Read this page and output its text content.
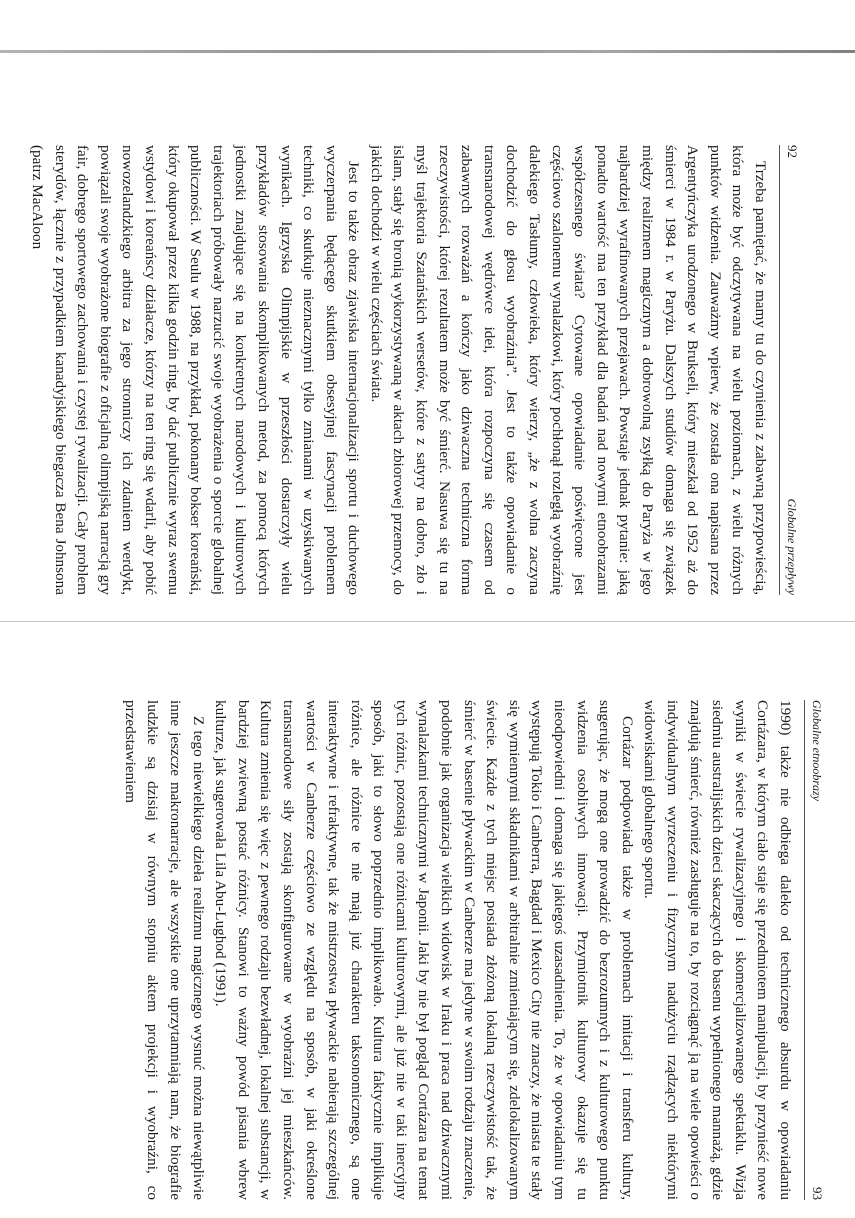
92
Globalne przepływy

Trzeba pamiętać, że mamy tu do czynienia z zabawną przypowieścią, która może być odczytywana na wielu poziomach, z wielu różnych punktów widzenia. Zauważmy wpierw, że została ona napisana przez Argentyńczyka urodzonego w Brukseli, który mieszkał od 1952 aż do śmierci w 1984 r. w Paryżu. Dalszych studiów domaga się związek między realizmem magicznym a dobrowolną zsyłką do Paryża w jego najbardziej wyrafinowanych przejawach. Powstaje jednak pytanie: jaką ponadto wartość ma ten przykład dla badań nad nowymi etnoobrazami współczesnego świata? Cytowane opowiadanie poświęcone jest częściowo szalonemu wynalazkowi, który pochłonął rozległą wyobraźnię dalekiego Tasłumy, człowieka, który wierzy, „że z wolna zaczyna dochodzić do głosu wyobraźnia”. Jest to także opowiadanie o transnarodowej wędrówce idei, która rozpoczyna się czasem od zabawnych rozważań a kończy jako dziwaczna techniczna forma rzeczywistości, której rezultatem może być śmierć. Nasuwa się tu na myśl trajektoria Szatańskich wersetów, które z satyry na dobro, zło i islam, stały się bronią wykorzystywaną w aktach zbiorowej przemocy, do jakich dochodzi w wielu częściach świata.

Jest to także obraz zjawiska internacjonalizacji sportu i duchowego wyczerpania będącego skutkiem obsesyjnej fascynacji problemem techniki, co skutkuje nieznacznymi tylko zmianami w uzyskiwanych wynikach. Igrzyska Olimpijskie w przeszłości dostarczyły wielu przykładów stosowania skomplikowanych metod, za pomocą których jednostki znajdujące się na konkretnych narodowych i kulturowych trajektoriach próbowały narzucić swoje wyobrażenia o sporcie globalnej publiczności. W Seulu w 1988, na przykład, pokonany bokser koreański, który okupował przez kilka godzin ring, by dać publicznie wyraz swemu wstydowi i koreańscy działacze, którzy na ten ring się wdarli, aby pobić nowozelandzkiego arbitra za jego stronniczy ich zdaniem werdykt, powiązali swoje wyobrażone biografie z oficjalną olimpijską narracją gry fair, dobrego sportowego zachowania i czystej rywalizacji. Cały problem sterydów, łącznie z przypadkiem kanadyjskiego biegacza Bena Johnsona (patrz MacAloon

Globalne etnoobrazy
93

1990) także nie odbiega daleko od technicznego absurdu w opowiadaniu Cortázara, w którym ciało staje się przedmiotem manipulacji, by przynieść nowe wyniki w świecie rywalizacyjnego i skomercjalizowanego spektaklu. Wizja siedmiu australijskich dzieci skaczących do basenu wypełnionego mannażą, gdzie znajdują śmierć, również zasługuje na to, by rozciągnąć ją na wiele opowieści o indywidualnym wyrzeczeniu i fizycznym nadużyciu rządzących niektórymi widowiskami globalnego sportu.

Cortázar podpowiada także w problemach imitacji i transferu kultury, sugerując, że mogą one prowadzić do bezrozumnych i z kulturowego punktu widzenia osobliwych innowacji. Przymiotnik kulturowy okazuje się tu nieodpowiedni i domaga się jakiegoś uzasadnienia. To, że w opowiadaniu tym występują Tokio i Canberra, Bagdad i Mexico City nie znaczy, że miasta te stały się wymiennymi składnikami w arbitralnie zmieniającym się, zdelokalizowanym świecie. Każde z tych miejsc posiada złożoną lokalną rzeczywistość tak, że śmierć w basenie pływackim w Canberze ma jedyne w swoim rodzaju znaczenie, podobnie jak organizacja wielkich widowisk w Iraku i praca nad dziwacznymi wynalazkami technicznymi w Japonii. Jaki by nie był pogląd Cortázara na temat tych różnic, pozostają one różnicami kulturowymi, ale już nie w taki inercyjny sposób, jaki to słowo poprzednio implikowało. Kultura faktycznie implikuje różnice, ale różnice te nie mają już charakteru taksonomicznego, są one interaktywne i refraktywne, tak że mistrzostwa pływackie nabierają szczególnej wartości w Canberze częściowo ze względu na sposób, w jaki określone transnarodowe siły zostają skonfigurowane w wyobraźni jej mieszkańców. Kultura zmienia się więc z pewnego rodzaju bezwładnej, lokalnej substancji, w bardziej zwiewną postać różnicy. Stanowi to ważny powód pisania wbrew kulturze, jak sugerowała Lila Abu-Lughod (1991).

Z tego niewielkiego dzieła realizmu magicznego wysnuć można niewątpliwie inne jeszcze makronarracje, ale wszystkie one uprzytamniają nam, że biografie ludzkie są dzisiaj w równym stopniu aktem projekcji i wyobraźni, co przedstawieniem
